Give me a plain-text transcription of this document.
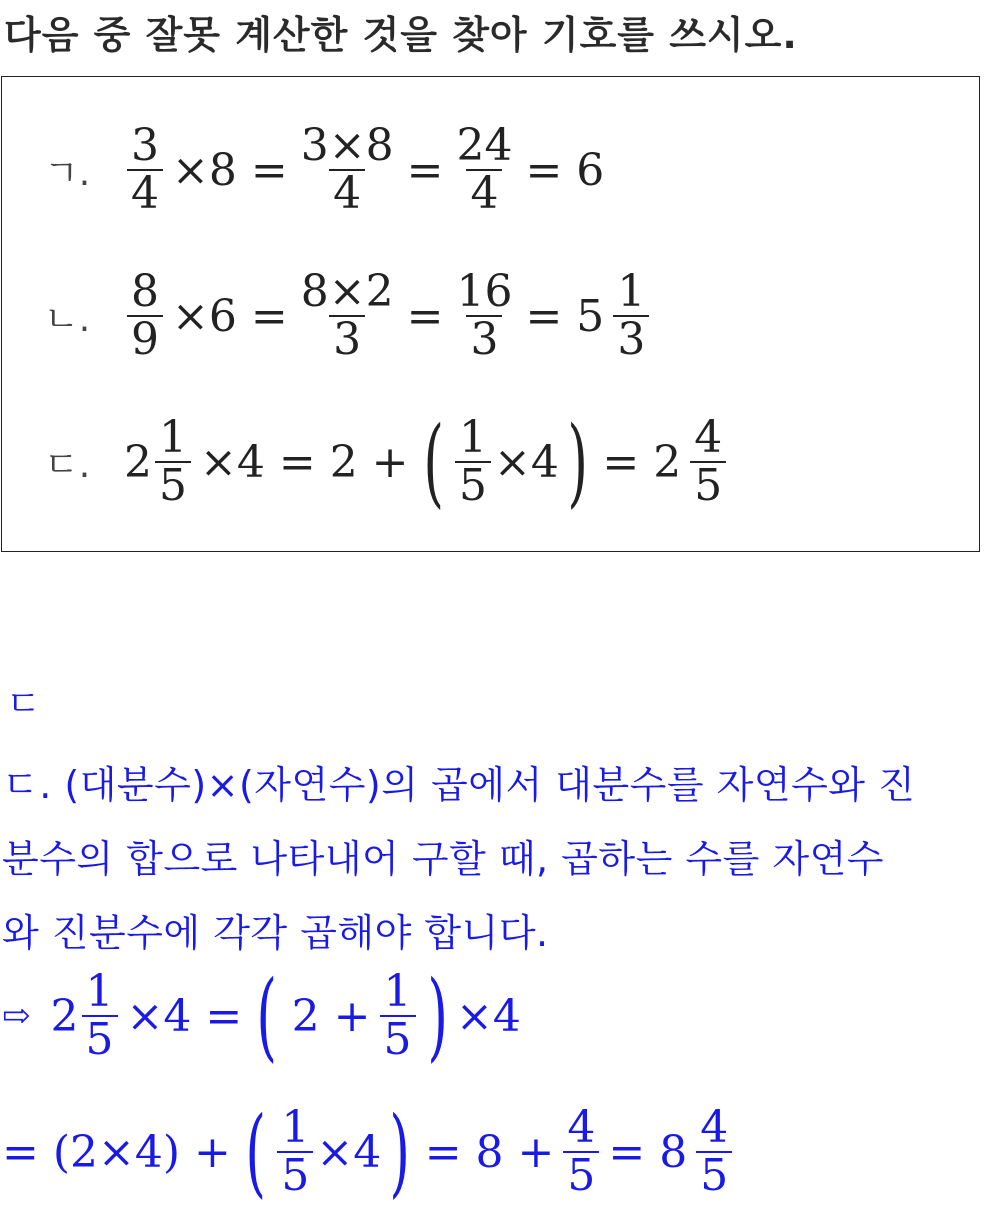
다음 중 잘못 계산한 것을 찾아 기호를 쓰시오.
ㄱ. $\frac{3}{4} \times 8 = \frac{3\times 8}{4} = \frac{24}{4} = 6$
ㄴ. $\frac{8}{9} \times 6 = \frac{8\times 2}{3} = \frac{16}{3} = 5 \frac{1}{3}$
ㄷ. $2 \frac{1}{5} \times 4 = 2$ + ( $\frac{1}{5} \times 4$ ) = $2 \frac{4}{5}$
ㄷ
ㄷ. (대분수)×(자연수)의 곱에서 대분수를 자연수와 진
분수의 합으로 나타내어 구할 때, 곱하는 수를 자연수
와 진분수에 각각 곱해야 합니다.
⇨ $2 \frac{1}{5} \times 4$ = ( $2 + \frac{1}{5}$ ) ×4
= (2×4) + ( $\frac{1}{5} \times 4$ ) = $8 + \frac{4}{5} = 8 \frac{4}{5}$
